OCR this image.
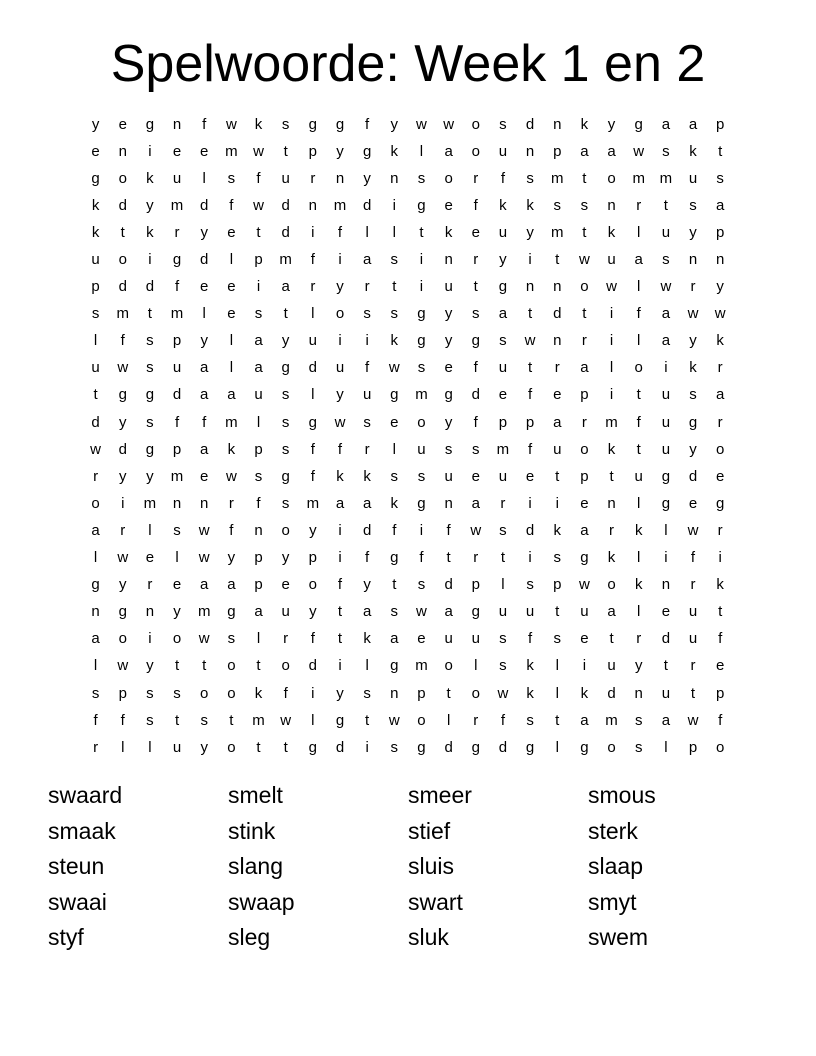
Spelwoorde: Week 1 en 2
y	e	g	n	f	w	k	s	g	g	f	y	w	w	o	s	d	n	k	y	g	a	a	p
e	n	i	e	e	m	w	t	p	y	g	k	l	a	o	u	n	p	a	a	w	s	k	t
g	o	k	u	l	s	f	u	r	n	y	n	s	o	r	f	s	m	t	o	m m	u	s
k	d	y	m	d	f	w	d	n	m	d	i	g	e	f	k	k	s	s	n	r	t	s	a
k	t	k	r	y	e	t	d	i	f	l	l	t	k	e	u	y	m	t	k	l	u	y	p
u	o	i	g	d	l	p	m	f	i	a	s	i	n	r	y	i	t	w	u	a	s	n	n
p	d	d	f	e	e	i	a	r	y	r	t	i	u	t	g	n	n	o	w	l	w	r	y
s	m	t	m	l	e	s	t	l	o	s	s	g	y	s	a	t	d	t	i	f	a	w	w
l	f	s	p	y	l	a	y	u	i	i	k	g	y	g	s	w	n	r	i	l	a	y	k
u	w	s	u	a	l	a	g	d	u	f	w	s	e	f	u	t	r	a	l	o	i	k	r
t	g	g	d	a	a	u	s	l	y	u	g	m	g	d	e	f	e	p	i	t	u	s	a
d	y	s	f	f	m	l	s	g	w	s	e	o	y	f	p	p	a	r	m	f	u	g	r
w	d	g	p	a	k	p	s	f	f	r	l	u	s	s	m	f	u	o	k	t	u	y	o
r	y	y	m	e	w	s	g	f	k	k	s	s	u	e	u	e	t	p	t	u	g	d	e
o	i	m	n	n	r	f	s	m	a	a	k	g	n	a	r	i	i	e	n	l	g	e	g
a	r	l	s	w	f	n	o	y	i	d	f	i	f	w	s	d	k	a	r	k	l	w	r
l	w	e	l	w	y	p	y	p	i	f	g	f	t	r	t	i	s	g	k	l	i	f	i
g	y	r	e	a	a	p	e	o	f	y	t	s	d	p	l	s	p	w	o	k	n	r	k
n	g	n	y	m	g	a	u	y	t	a	s	w	a	g	u	u	t	u	a	l	e	u	t
a	o	i	o	w	s	l	r	f	t	k	a	e	u	u	s	f	s	e	t	r	d	u	f
l	w	y	t	t	o	t	o	d	i	l	g	m	o	l	s	k	l	i	u	y	t	r	e
s	p	s	s	o	o	k	f	i	y	s	n	p	t	o	w	k	l	k	d	n	u	t	p
f	f	s	t	s	t	m	w	l	g	t	w	o	l	r	f	s	t	a	m	s	a	w	f
r	l	l	u	y	o	t	t	g	d	i	s	g	d	g	d	g	l	g	o	s	l	p	o
swaard	smelt	smeer	smous
smaak	stink	stief	sterk
steun	slang	sluis	slaap
swaai	swaap	swart	smyt
styf	sleg	sluk	swem
